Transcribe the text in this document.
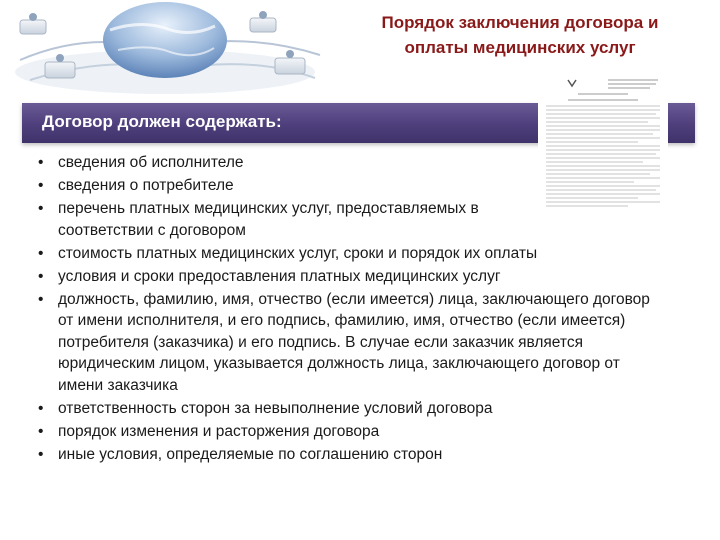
Порядок заключения договора и
оплаты медицинских услуг
Договор должен содержать:
• сведения об исполнителе
• сведения о потребителе
• перечень платных медицинских услуг, предоставляемых в соответствии с договором
• стоимость платных медицинских услуг, сроки и порядок их оплаты
• условия и сроки предоставления платных медицинских услуг
• должность, фамилию, имя, отчество (если имеется) лица, заключающего договор от имени исполнителя, и его подпись, фамилию, имя, отчество (если имеется) потребителя (заказчика) и его подпись. В случае если заказчик является юридическим лицом, указывается должность лица, заключающего договор от имени заказчика
• ответственность сторон за невыполнение условий договора
• порядок изменения и расторжения договора
• иные условия, определяемые по соглашению сторон
